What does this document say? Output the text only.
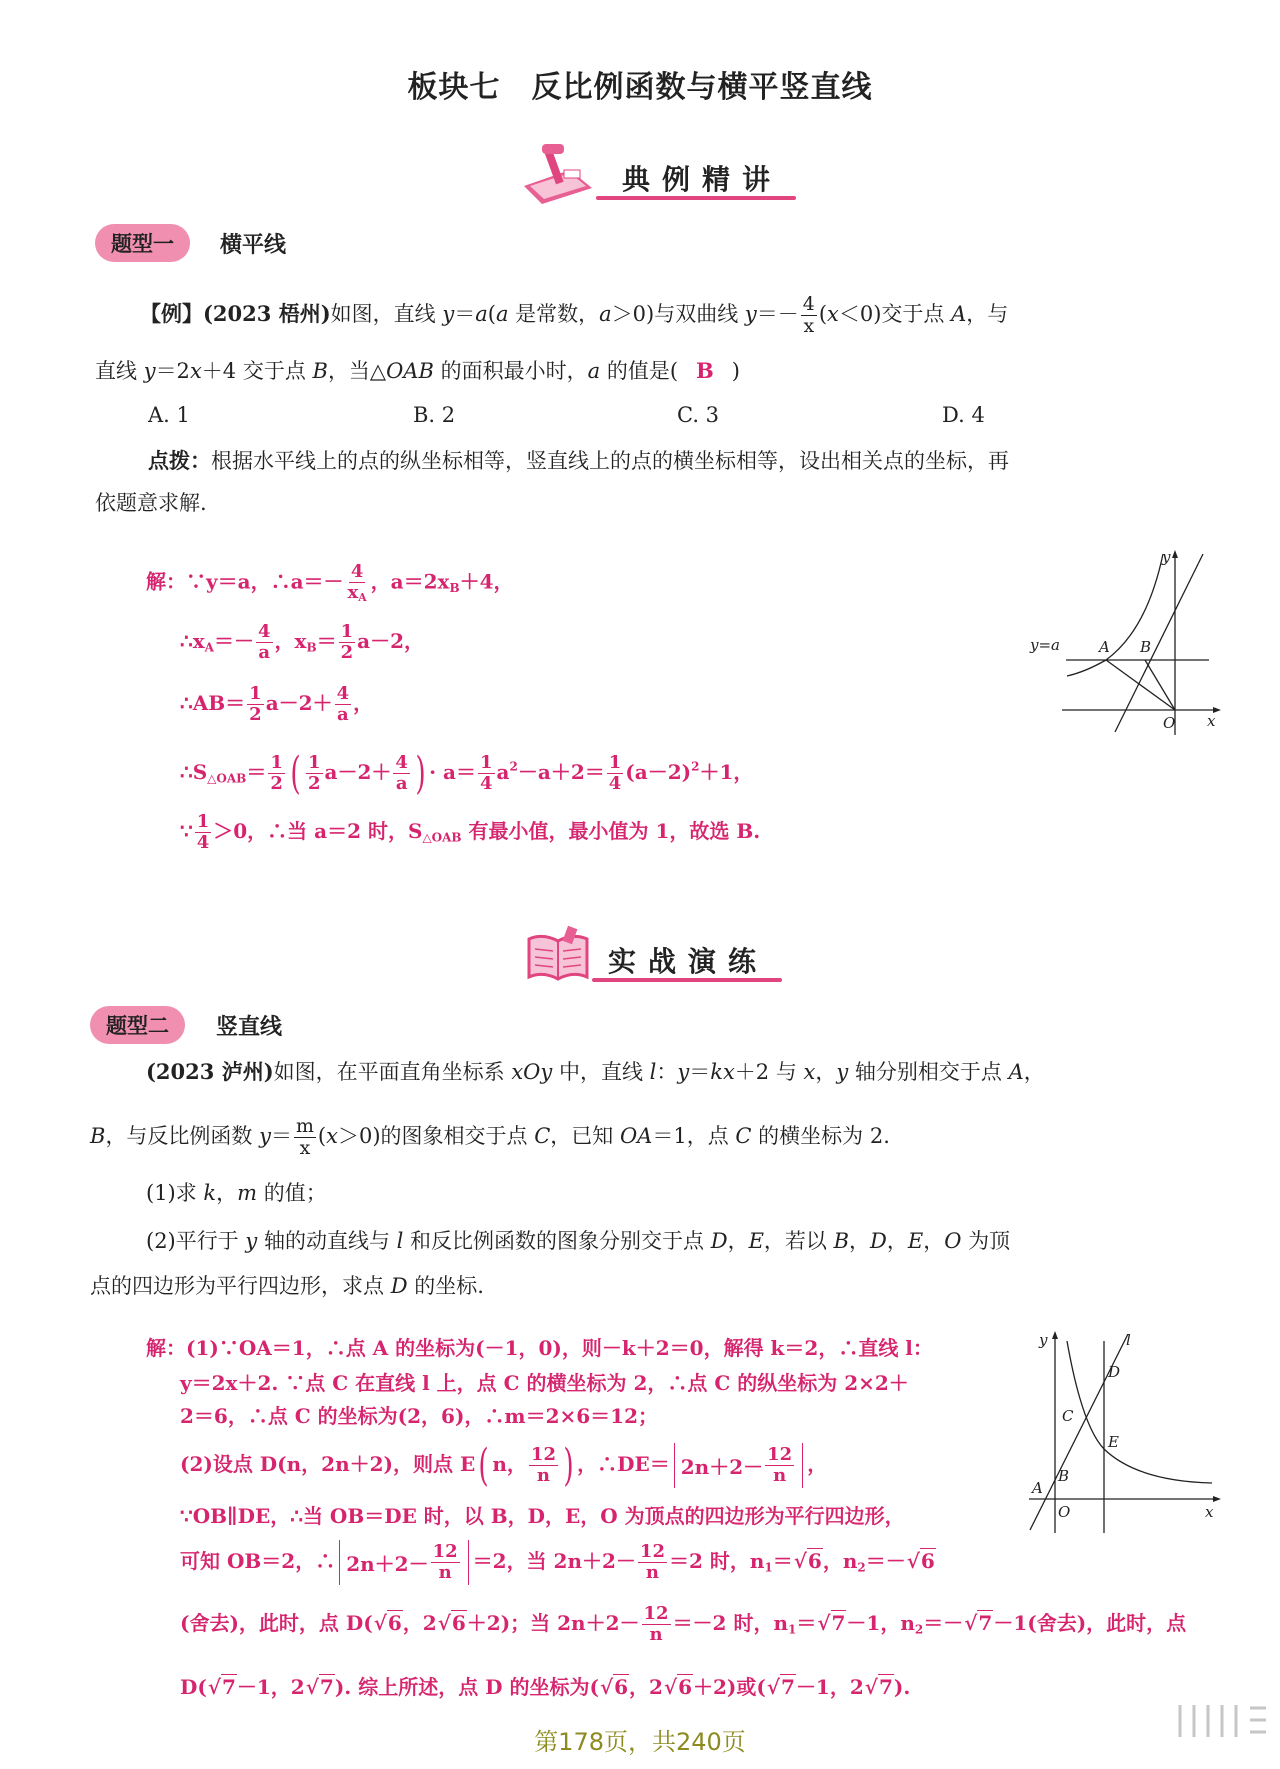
板块七　反比例函数与横平竖直线
典例精讲
题型一	横平线
【例】(2023 梧州)如图，直线 y＝a(a 是常数，a＞0)与双曲线 $y=- \frac{4}{x} (x<0)$交于点 A，与
直线 y＝2x＋4 交于点 B，当△OAB 的面积最小时，a 的值是( B )
A. 1	B. 2	C. 3	D. 4
点拨：根据水平线上的点的纵坐标相等，竖直线上的点的横坐标相等，设出相关点的坐标，再
依题意求解.
解：∵y＝a，∴a＝－ $\frac{4}{x_A}$ ，$a=2x_B+4$，
$\therefore x_A=- \frac{4}{a}$ ，$x_B= \frac{1}{2} a-2$，
∴AB＝ $\frac{1}{2} a-2+ \frac{4}{a}$ ，
$\therefore S_{\triangle OAB}= \frac{1}{2}$ ( $\frac{1}{2} a-2+ \frac{4}{a}$
) · $a= \frac{1}{4} a^2-a+2= \frac{1}{4} (a-2)^2+1$，
∵ $\frac{1}{4} >0$，∴当 a＝2 时，$S_{\triangle OAB}$ 有最小值，最小值为 1，故选 B.
y=a	A B
O x
y
实战演练
题型二	竖直线
(2023 泸州)如图，在平面直角坐标系 xOy 中，直线 l：y＝kx＋2 与 x，y 轴分别相交于点 A，
B，与反比例函数 $y= \frac{m}{x} (x>0)$的图象相交于点 C，已知 OA＝1，点 C 的横坐标为 2.
(1)求 k，m 的值；
(2)平行于 y 轴的动直线与 l 和反比例函数的图象分别交于点 D，E，若以 B，D，E，O 为顶
点的四边形为平行四边形，求点 D 的坐标.
解：(1)∵OA＝1，∴点 A 的坐标为(－1，0)，则－k＋2＝0，解得 k＝2，∴直线 l：
y＝2x＋2. ∵点 C 在直线 l 上，点 C 的横坐标为 2，∴点 C 的纵坐标为 2×2＋
2＝6，∴点 C 的坐标为(2，6)，∴m＝2×6＝12；
(2)设点 D(n，2n＋2)，则点 E ( n， $\frac{12}{n}$
) ，∴DE＝ $2n+2- \frac{12}{n}$ ，
∵OB∥DE，∴当 OB＝DE 时，以 B，D，E，O 为顶点的四边形为平行四边形，
可知 OB＝2，∴ $2n+2- \frac{12}{n} =2$，当 $2n+2- \frac{12}{n} =2$ 时，$n_1=√6$，$n_2=-√6$
(舍去)，此时，点 D(√6，2√6＋2)；当 $2n+2- \frac{12}{n} =-2$ 时，$n_1=√7-1$，$n_2=-√7-1$(舍去)，此时，点
D(√7－1，2√7). 综上所述，点 D 的坐标为(√6，2√6＋2)或(√7－1，2√7).
y	l
D
C
E
B
A
O	x
第178页，共240页
